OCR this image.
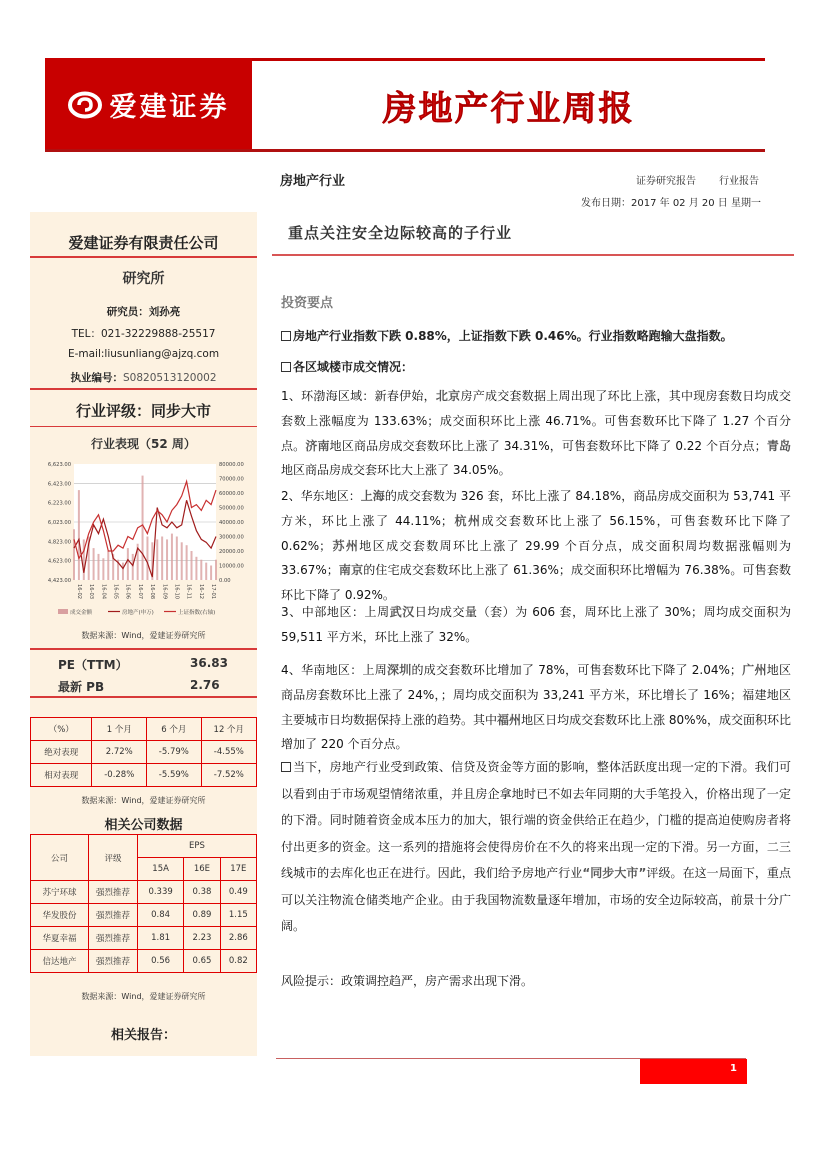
爱建证券	房地产行业周报
房地产行业	证券研究报告 行业报告
发布日期：2017 年 02 月 20 日 星期一
爱建证券有限责任公司
研究所
研究员：刘孙亮
TEL：021-32229888-25517
E-mail:liusunliang@ajzq.com
执业编号：S0820513120002
行业评级：同步大市
行业表现（52 周）
6,623.00
6,423.00
6,223.00
6,023.00
4,823.00
4,623.00
4,423.00
80000.00
70000.00
60000.00
50000.00
40000.00
30000.00
20000.00
10000.00
0.00
16-02 16-03 16-04 16-05 16-06 16-07 16-08 16-09 16-10 16-11 16-12 17-01
成交金额	房地产(申万)	上证指数(右轴)
数据来源：Wind，爱建证券研究所
PE（TTM）	36.83
最新 PB	2.76
（%）	1 个月	6 个月	12 个月
绝对表现	2.72%	-5.79%	-4.55%
相对表现	-0.28%	-5.59%	-7.52%
数据来源：Wind，爱建证券研究所
相关公司数据
公司	评级	EPS		
		15A	16E	17E
苏宁环球	强烈推荐	0.339	0.38	0.49
华发股份	强烈推荐	0.84	0.89	1.15
华夏幸福	强烈推荐	1.81	2.23	2.86
信达地产	强烈推荐	0.56	0.65	0.82
数据来源：Wind，爱建证券研究所
相关报告：
重点关注安全边际较高的子行业
投资要点
房地产行业指数下跌 0.88%，上证指数下跌 0.46%。行业指数略跑输大盘指数。
各区域楼市成交情况：
1、环渤海区域：新春伊始，北京房产成交套数据上周出现了环比上涨，其中现房套数日均成交套数上涨幅度为 133.63%；成交面积环比上涨 46.71%。可售套数环比下降了 1.27 个百分点。济南地区商品房成交套数环比上涨了 34.31%，可售套数环比下降了 0.22 个百分点；青岛地区商品房成交套环比大上涨了 34.05%。
2、华东地区：上海的成交套数为 326 套，环比上涨了 84.18%，商品房成交面积为 53,741 平方米，环比上涨了 44.11%；杭州成交套数环比上涨了 56.15%，可售套数环比下降了 0.62%；苏州地区成交套数周环比上涨了 29.99 个百分点，成交面积周均数据涨幅则为 33.67%；南京的住宅成交套数环比上涨了 61.36%；成交面积环比增幅为 76.38%。可售套数环比下降了 0.92%。
3、中部地区：上周武汉日均成交量（套）为 606 套，周环比上涨了 30%；周均成交面积为 59,511 平方米，环比上涨了 32%。
4、华南地区：上周深圳的成交套数环比增加了 78%，可售套数环比下降了 2.04%；广州地区商品房套数环比上涨了 24%，；周均成交面积为 33,241 平方米，环比增长了 16%；福建地区主要城市日均数据保持上涨的趋势。其中福州地区日均成交套数环比上涨 80%%，成交面积环比增加了 220 个百分点。
当下，房地产行业受到政策、信贷及资金等方面的影响，整体活跃度出现一定的下滑。我们可以看到由于市场观望情绪浓重，并且房企拿地时已不如去年同期的大手笔投入，价格出现了一定的下滑。同时随着资金成本压力的加大，银行端的资金供给正在趋少，门槛的提高迫使购房者将付出更多的资金。这一系列的措施将会使得房价在不久的将来出现一定的下滑。另一方面，二三线城市的去库化也正在进行。因此，我们给予房地产行业“同步大市”评级。在这一局面下，重点可以关注物流仓储类地产企业。由于我国物流数量逐年增加，市场的安全边际较高，前景十分广阔。
风险提示：政策调控趋严，房产需求出现下滑。
1
